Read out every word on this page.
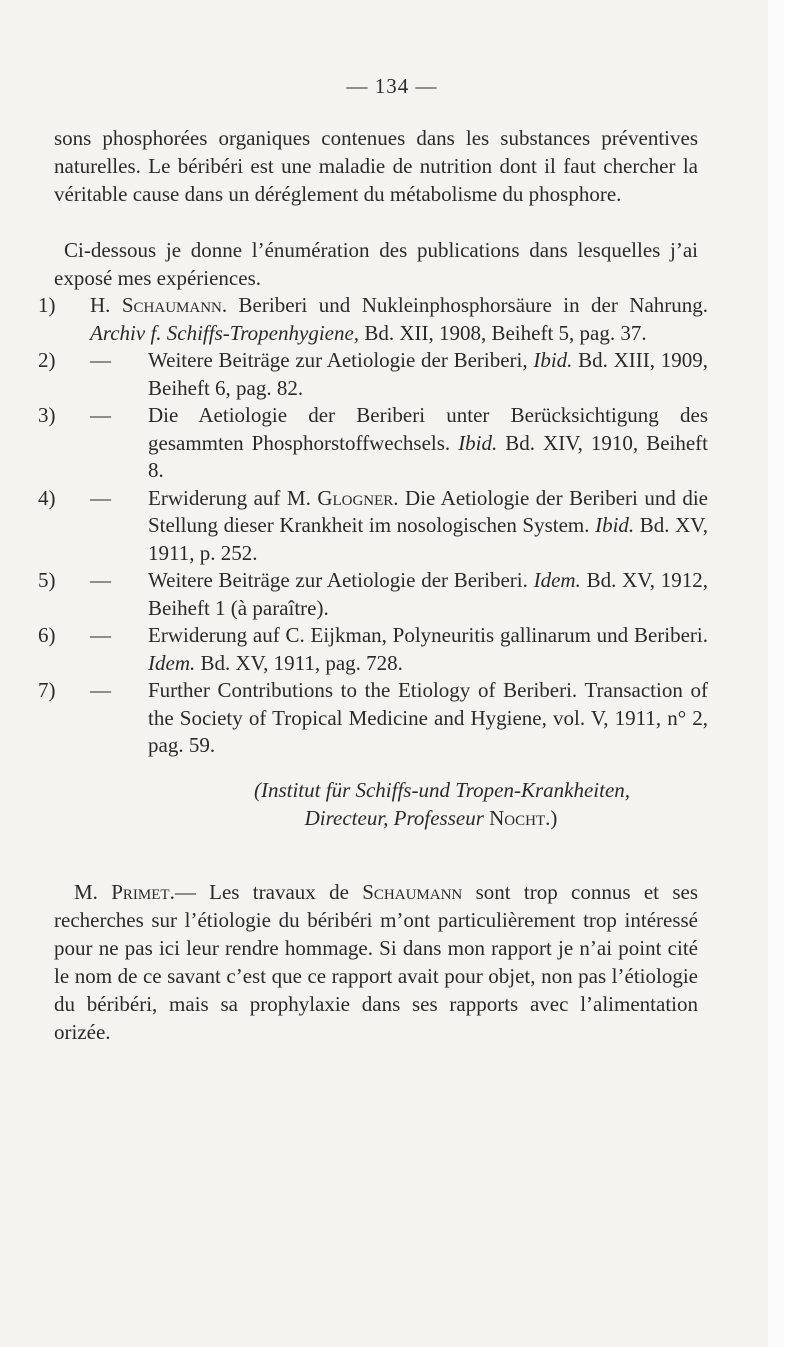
— 134 —

sons phosphorées organiques contenues dans les substances préventives naturelles. Le béribéri est une maladie de nutrition dont il faut chercher la véritable cause dans un déréglement du métabolisme du phosphore.

Ci-dessous je donne l’énumération des publications dans lesquelles j’ai exposé mes expériences.

1)	H. Schaumann. Beriberi und Nukleinphosphorsäure in der Nahrung. Archiv f. Schiffs-Tropenhygiene, Bd. XII, 1908, Beiheft 5, pag. 37.
2)	—	Weitere Beiträge zur Aetiologie der Beriberi, Ibid. Bd. XIII, 1909, Beiheft 6, pag. 82.
3)	—	Die Aetiologie der Beriberi unter Berücksichtigung des gesammten Phosphorstoffwechsels. Ibid. Bd. XIV, 1910, Beiheft 8.
4)	—	Erwiderung auf M. Glogner. Die Aetiologie der Beriberi und die Stellung dieser Krankheit im nosologischen System. Ibid. Bd. XV, 1911, p. 252.
5)	—	Weitere Beiträge zur Aetiologie der Beriberi. Idem. Bd. XV, 1912, Beiheft 1 (à paraître).
6)	—	Erwiderung auf C. Eijkman, Polyneuritis gallinarum und Beriberi. Idem. Bd. XV, 1911, pag. 728.
7)	—	Further Contributions to the Etiology of Beriberi. Transaction of the Society of Tropical Medicine and Hygiene, vol. V, 1911, n° 2, pag. 59.
(Institut für Schiffs-und Tropen-Krankheiten,
Directeur, Professeur Nocht.)

M. Primet.— Les travaux de Schaumann sont trop connus et ses recherches sur l’étiologie du béribéri m’ont particulièrement trop intéressé pour ne pas ici leur rendre hommage. Si dans mon rapport je n’ai point cité le nom de ce savant c’est que ce rapport avait pour objet, non pas l’étiologie du béribéri, mais sa prophylaxie dans ses rapports avec l’alimentation orizée.
